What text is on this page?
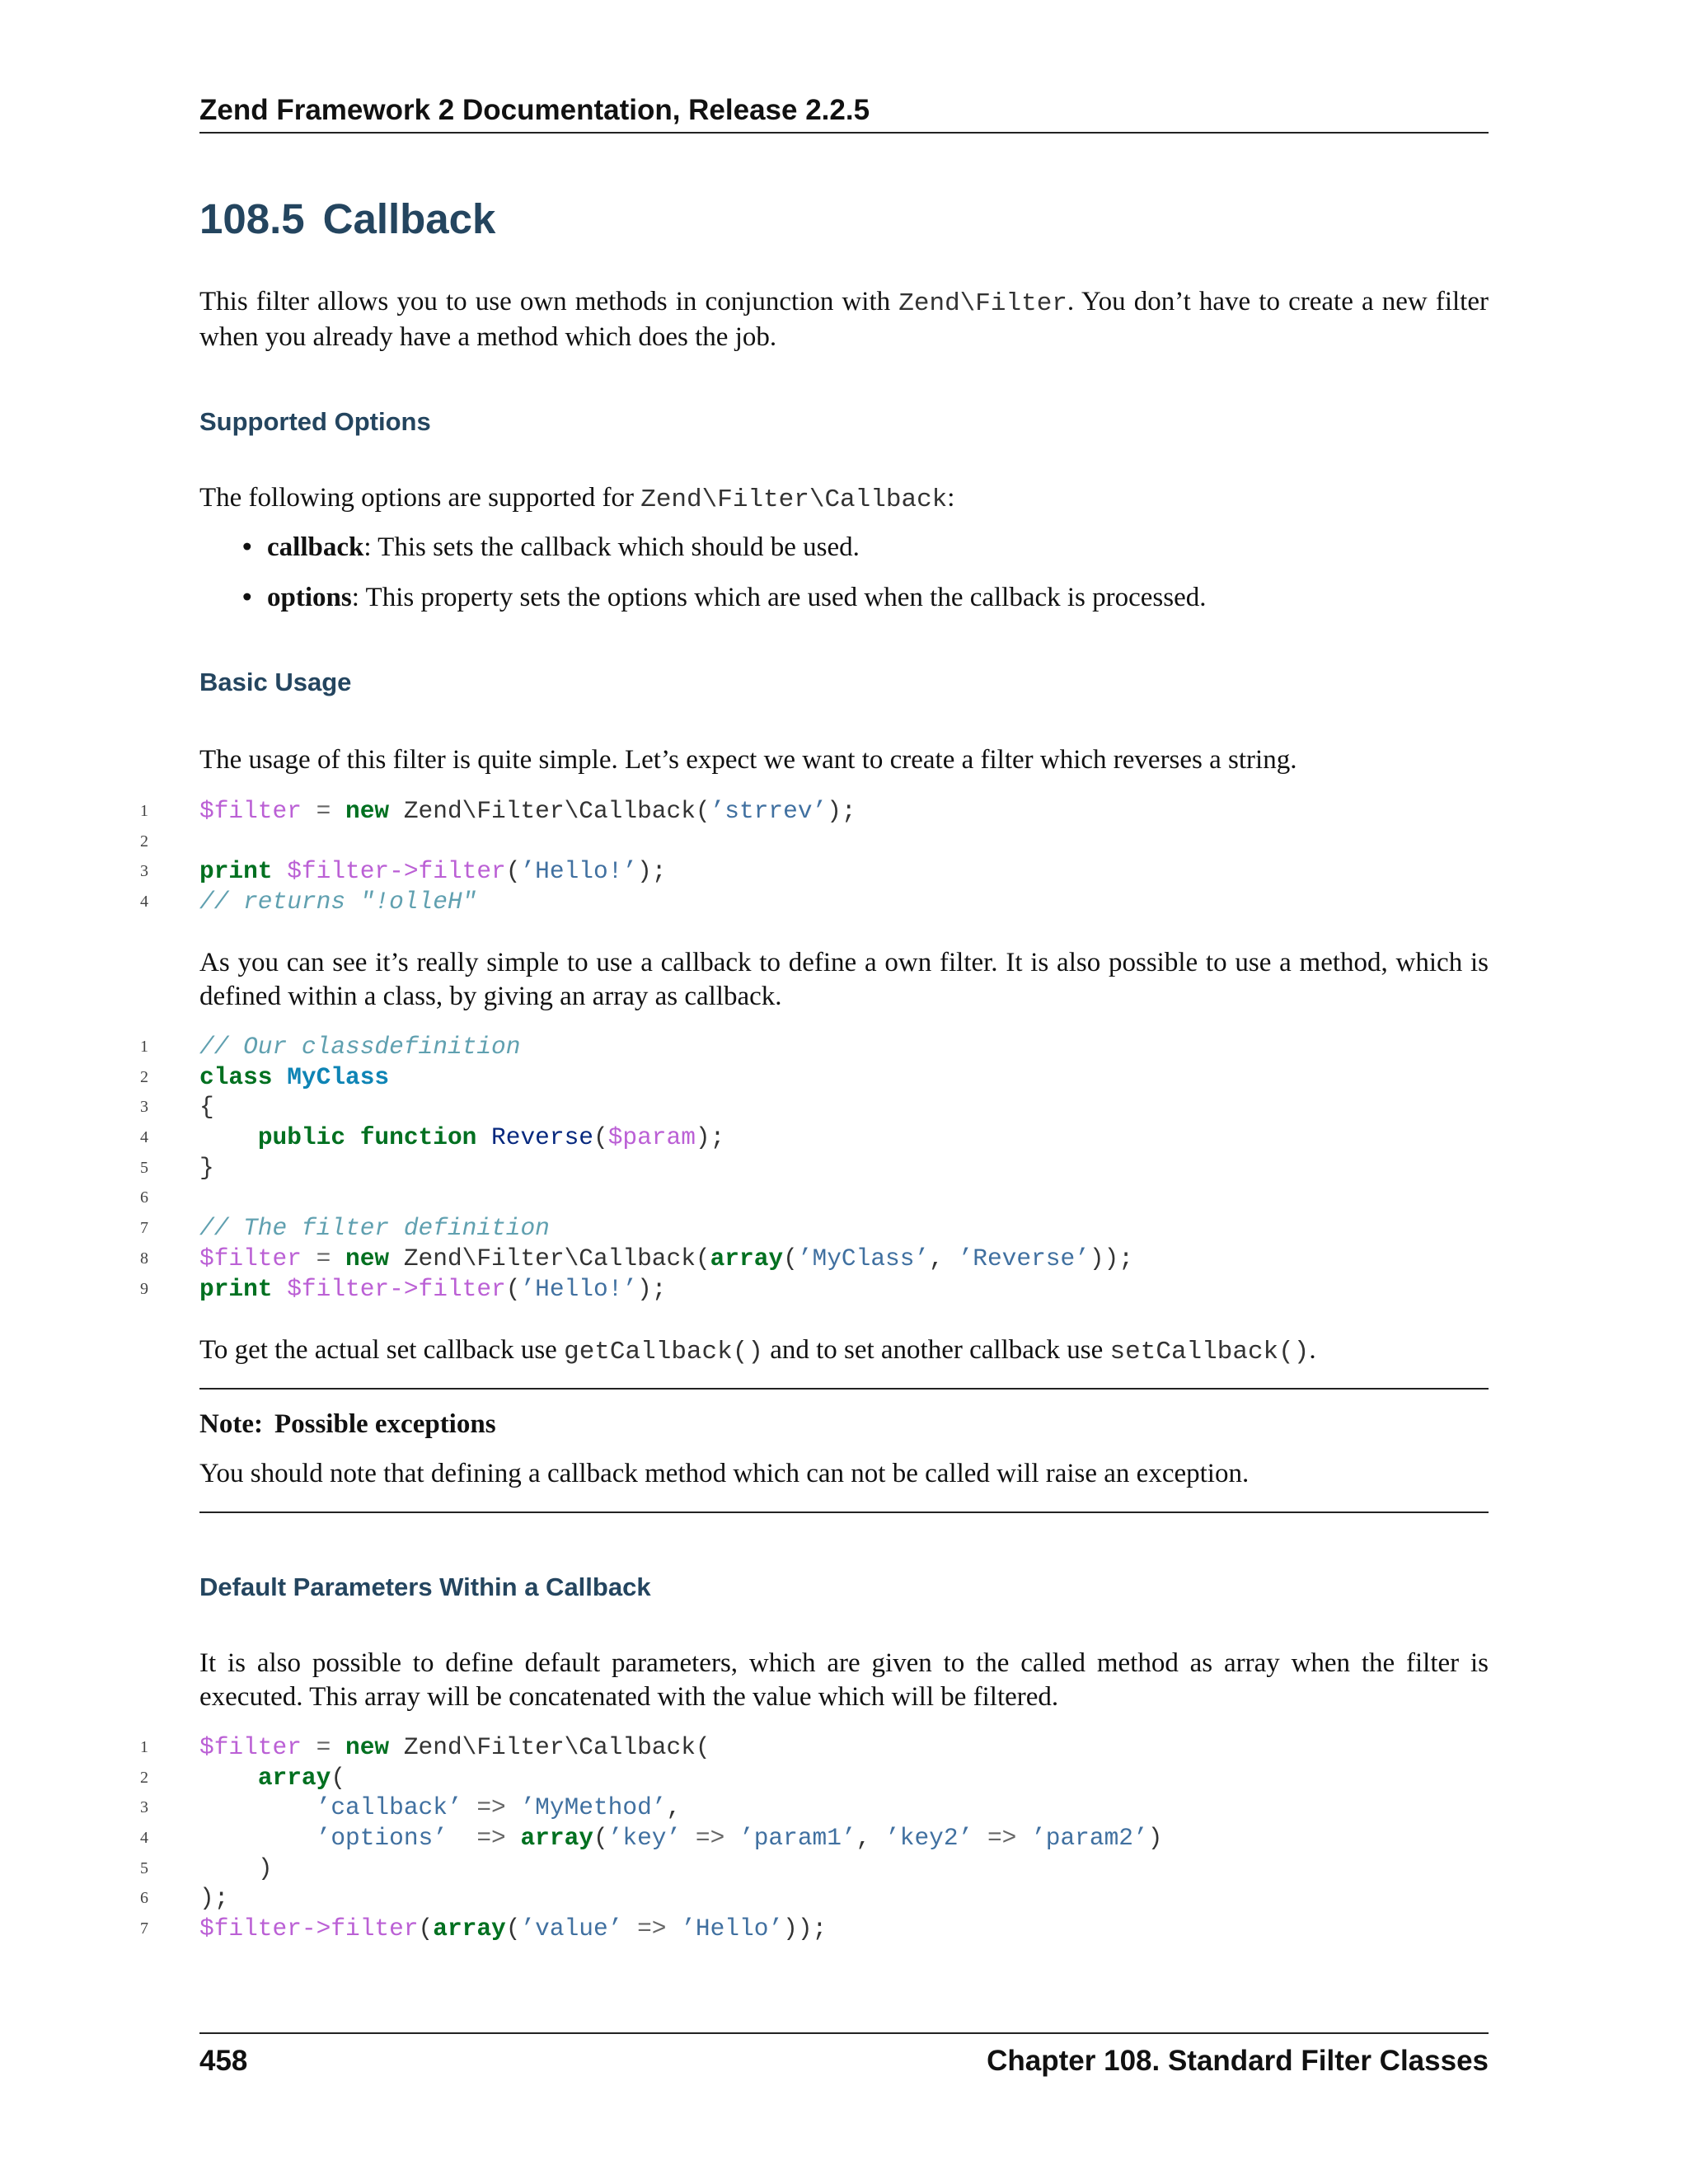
Zend Framework 2 Documentation, Release 2.2.5
108.5 Callback

This filter allows you to use own methods in conjunction with Zend\Filter. You don’t have to create a new filter when you already have a method which does the job.

Supported Options

The following options are supported for Zend\Filter\Callback:

• callback: This sets the callback which should be used.
• options: This property sets the options which are used when the callback is processed.
Basic Usage

The usage of this filter is quite simple. Let’s expect we want to create a filter which reverses a string.

1	$filter = new Zend\Filter\Callback(’strrev’);
2
3	print $filter->filter(’Hello!’);
4	// returns "!olleH"

As you can see it’s really simple to use a callback to define a own filter. It is also possible to use a method, which is defined within a class, by giving an array as callback.

1	// Our classdefinition
2	class MyClass
3	{
4	public function Reverse($param);
5	}
6
7	// The filter definition
8	$filter = new Zend\Filter\Callback(array(’MyClass’, ’Reverse’));
9	print $filter->filter(’Hello!’);

To get the actual set callback use getCallback() and to set another callback use setCallback().

Note: Possible exceptions
You should note that defining a callback method which can not be called will raise an exception.
Default Parameters Within a Callback

It is also possible to define default parameters, which are given to the called method as array when the filter is executed. This array will be concatenated with the value which will be filtered.

1	$filter = new Zend\Filter\Callback(
2	array(
3	’callback’ => ’MyMethod’,
4	’options’  => array(’key’ => ’param1’, ’key2’ => ’param2’)
5	)
6	);
7	$filter->filter(array(’value’ => ’Hello’));
458	Chapter 108. Standard Filter Classes
